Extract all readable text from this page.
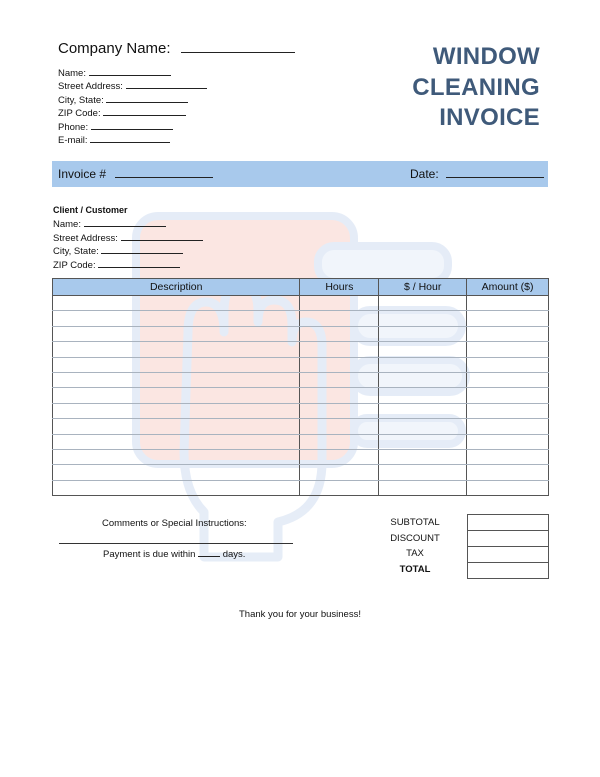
Company Name:
Name:
Street Address:
City, State:
ZIP Code:
Phone:
E-mail:
WINDOW
CLEANING
INVOICE
Invoice #	Date:
Client / Customer
Name:
Street Address:
City, State:
ZIP Code:
Description	Hours	$ / Hour	Amount ($)

Comments or Special Instructions:
Payment is due within	days.
SUBTOTAL
DISCOUNT
TAX
TOTAL
Thank you for your business!
